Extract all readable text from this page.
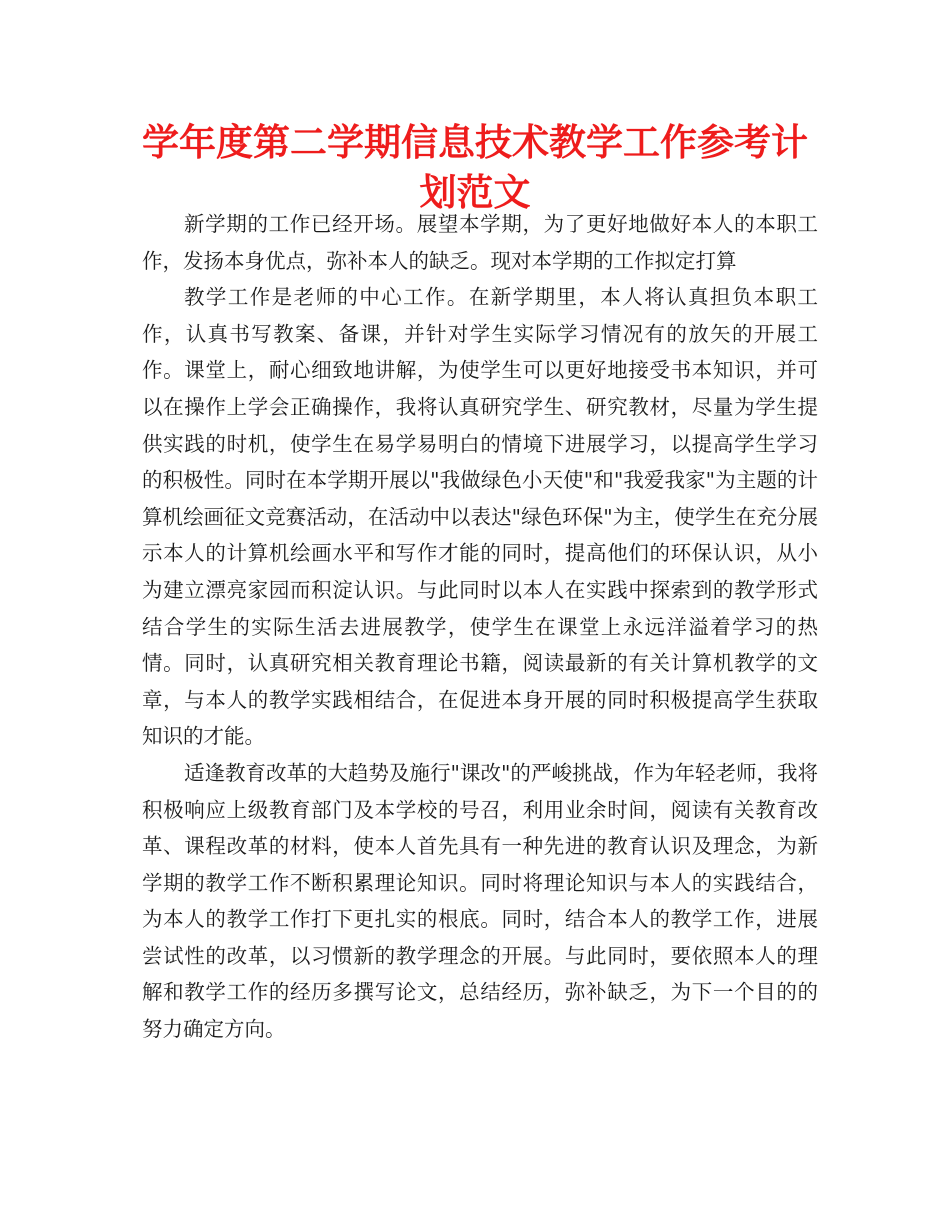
学年度第二学期信息技术教学工作参考计划范文

新学期的工作已经开场。展望本学期，为了更好地做好本人的本职工作，发扬本身优点，弥补本人的缺乏。现对本学期的工作拟定打算

教学工作是老师的中心工作。在新学期里，本人将认真担负本职工作，认真书写教案、备课，并针对学生实际学习情况有的放矢的开展工作。课堂上，耐心细致地讲解，为使学生可以更好地接受书本知识，并可以在操作上学会正确操作，我将认真研究学生、研究教材，尽量为学生提供实践的时机，使学生在易学易明白的情境下进展学习，以提高学生学习的积极性。同时在本学期开展以"我做绿色小天使"和"我爱我家"为主题的计算机绘画征文竞赛活动，在活动中以表达"绿色环保"为主，使学生在充分展示本人的计算机绘画水平和写作才能的同时，提高他们的环保认识，从小为建立漂亮家园而积淀认识。与此同时以本人在实践中探索到的教学形式结合学生的实际生活去进展教学，使学生在课堂上永远洋溢着学习的热情。同时，认真研究相关教育理论书籍，阅读最新的有关计算机教学的文章，与本人的教学实践相结合，在促进本身开展的同时积极提高学生获取知识的才能。

适逢教育改革的大趋势及施行"课改"的严峻挑战，作为年轻老师，我将积极响应上级教育部门及本学校的号召，利用业余时间，阅读有关教育改革、课程改革的材料，使本人首先具有一种先进的教育认识及理念，为新学期的教学工作不断积累理论知识。同时将理论知识与本人的实践结合，为本人的教学工作打下更扎实的根底。同时，结合本人的教学工作，进展尝试性的改革，以习惯新的教学理念的开展。与此同时，要依照本人的理解和教学工作的经历多撰写论文，总结经历，弥补缺乏，为下一个目的的努力确定方向。
